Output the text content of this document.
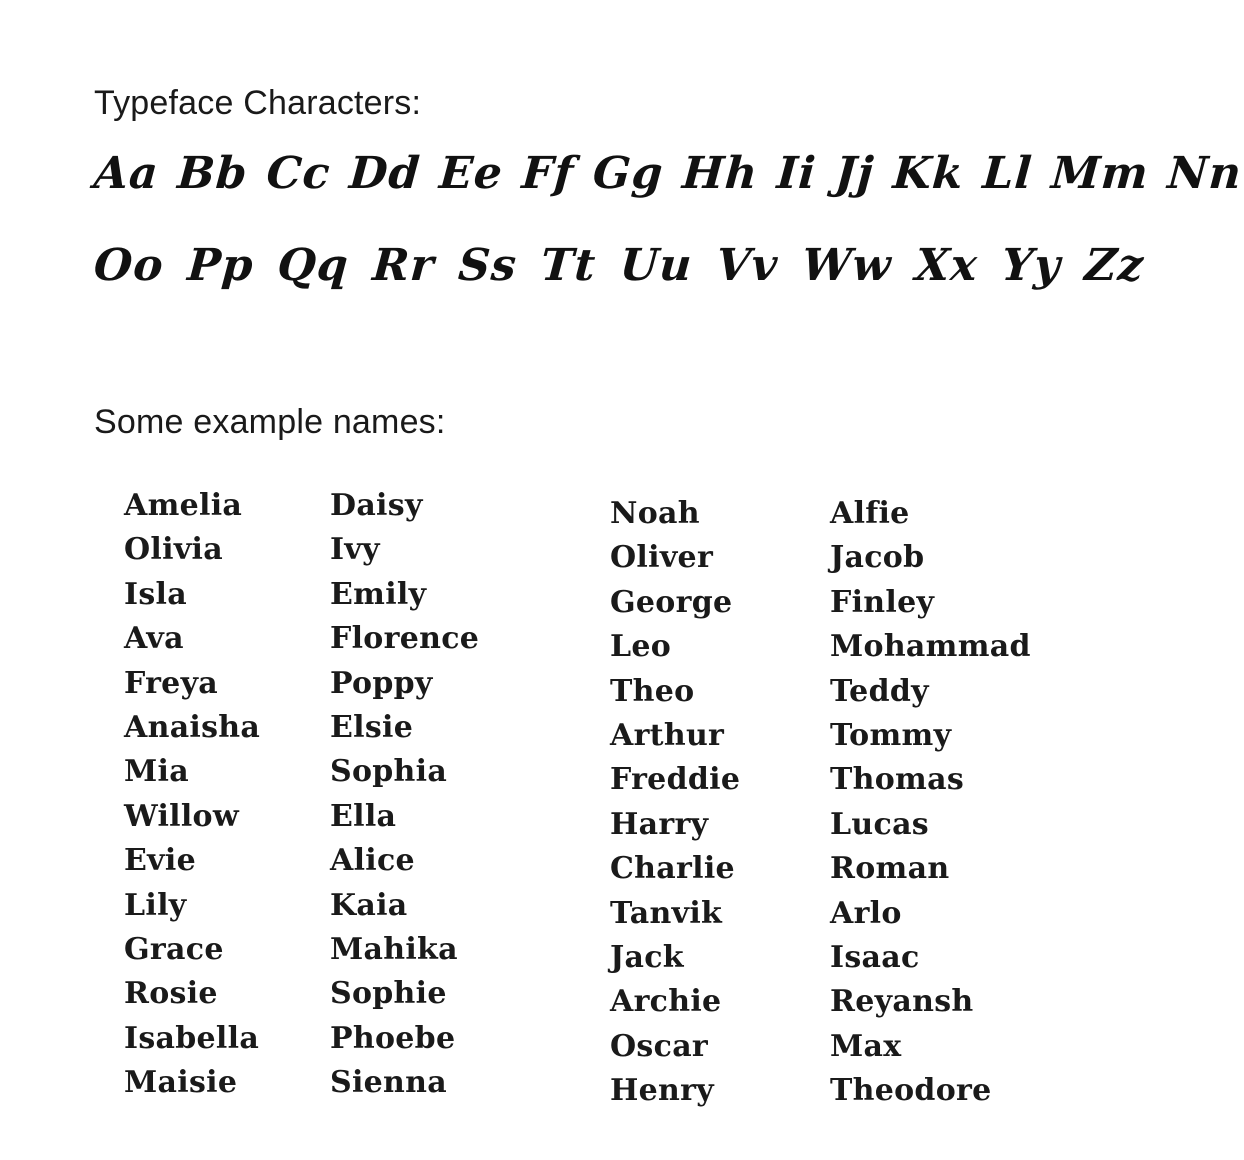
Typeface Characters:
Aa Bb Cc Dd Ee Ff Gg Hh Ii Jj Kk Ll Mm Nn
Oo Pp Qq Rr Ss Tt Uu Vv Ww Xx Yy Zz
Some example names:
Amelia
Olivia
Isla
Ava
Freya
Anaisha
Mia
Willow
Evie
Lily
Grace
Rosie
Isabella
Maisie
Daisy
Ivy
Emily
Florence
Poppy
Elsie
Sophia
Ella
Alice
Kaia
Mahika
Sophie
Phoebe
Sienna
Noah
Oliver
George
Leo
Theo
Arthur
Freddie
Harry
Charlie
Tanvik
Jack
Archie
Oscar
Henry
Alfie
Jacob
Finley
Mohammad
Teddy
Tommy
Thomas
Lucas
Roman
Arlo
Isaac
Reyansh
Max
Theodore
